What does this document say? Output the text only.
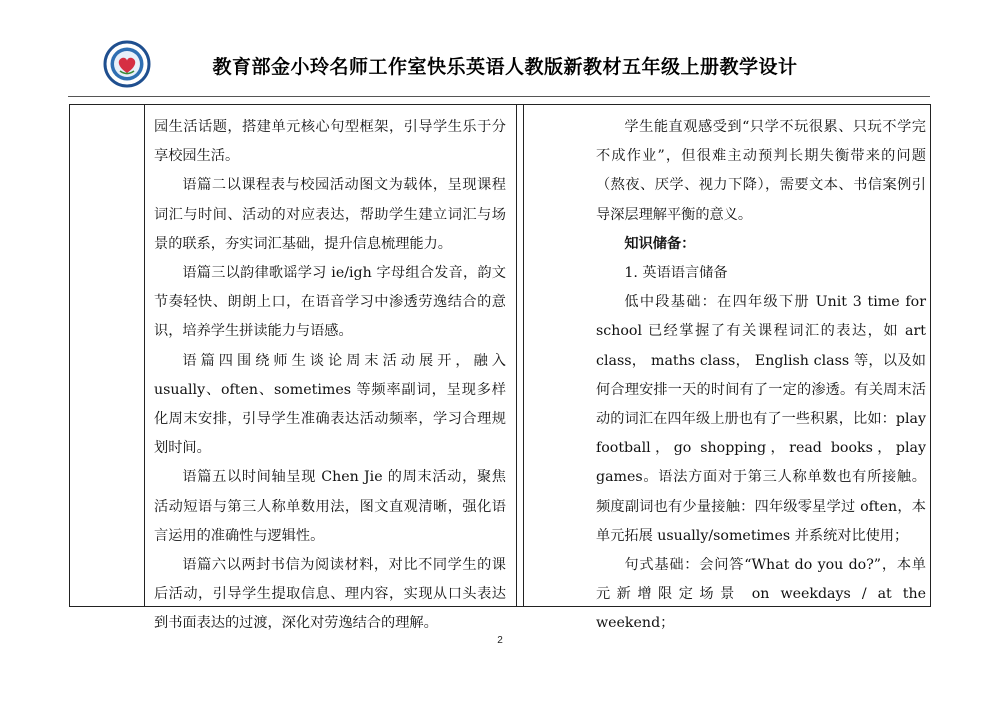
教育部金小玲名师工作室快乐英语人教版新教材五年级上册教学设计

园生活话题，搭建单元核心句型框架，引导学生乐于分享校园生活。

语篇二以课程表与校园活动图文为载体，呈现课程词汇与时间、活动的对应表达，帮助学生建立词汇与场景的联系，夯实词汇基础，提升信息梳理能力。

语篇三以韵律歌谣学习 ie/igh 字母组合发音，韵文节奏轻快、朗朗上口，在语音学习中渗透劳逸结合的意识，培养学生拼读能力与语感。

语篇四围绕师生谈论周末活动展开，融入 usually、often、sometimes 等频率副词，呈现多样化周末安排，引导学生准确表达活动频率，学习合理规划时间。

语篇五以时间轴呈现 Chen Jie 的周末活动，聚焦活动短语与第三人称单数用法，图文直观清晰，强化语言运用的准确性与逻辑性。

语篇六以两封书信为阅读材料，对比不同学生的课后活动，引导学生提取信息、理内容，实现从口头表达到书面表达的过渡，深化对劳逸结合的理解。

学生能直观感受到“只学不玩很累、只玩不学完不成作业”，但很难主动预判长期失衡带来的问题（熬夜、厌学、视力下降），需要文本、书信案例引导深层理解平衡的意义。

知识储备：

1. 英语语言储备

低中段基础：在四年级下册 Unit 3 time for school 已经掌握了有关课程词汇的表达，如 art class， maths class， English class 等，以及如何合理安排一天的时间有了一定的渗透。有关周末活动的词汇在四年级上册也有了一些积累，比如：play football，go shopping，read books，play games。语法方面对于第三人称单数也有所接触。频度副词也有少量接触：四年级零星学过 often，本单元拓展 usually/sometimes 并系统对比使用；

句式基础：会问答“What do you do?”，本单元新增限定场景 on weekdays / at the weekend；

2
